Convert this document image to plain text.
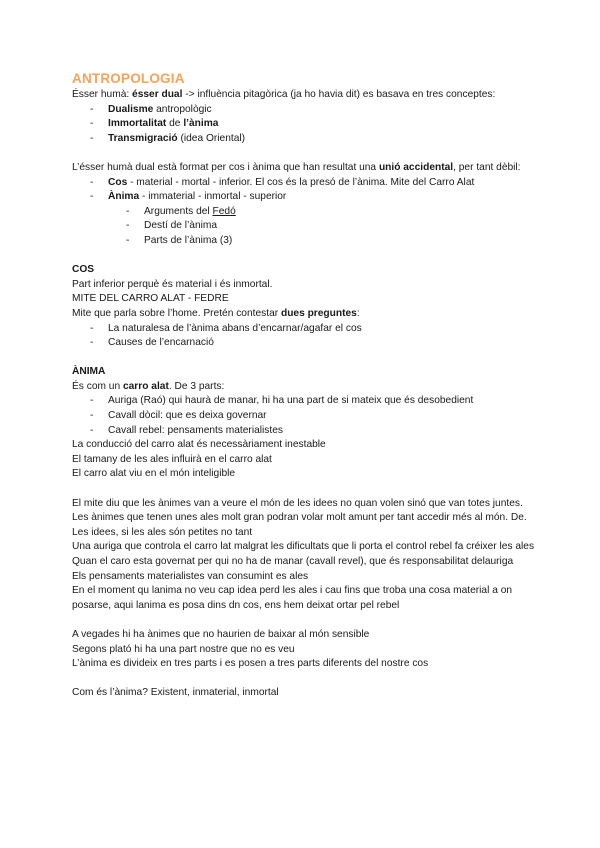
ANTROPOLOGIA

Ésser humà: ésser dual -> influència pitagòrica (ja ho havia dit) es basava en tres conceptes:

- Dualisme antropològic
- Immortalitat de l’ànima
- Transmigració (idea Oriental)

L’ésser humà dual està format per cos i ànima que han resultat una unió accidental, per tant dèbil:

- Cos - material - mortal - inferior. El cos és la presó de l’ànima. Mite del Carro Alat
- Ànima - immaterial - inmortal - superior
- Arguments del Fedó
- Destí de l’ànima
- Parts de l’ànima (3)

COS

Part inferior perquè és material i és inmortal.

MITE DEL CARRO ALAT - FEDRE

Mite que parla sobre l’home. Pretén contestar dues preguntes:

- La naturalesa de l’ànima abans d’encarnar/agafar el cos
- Causes de l’encarnació

ÀNIMA

És com un carro alat. De 3 parts:

- Auriga (Raó) qui haurà de manar, hi ha una part de si mateix que és desobedient
- Cavall dòcil: que es deixa governar
- Cavall rebel: pensaments materialistes

La conducció del carro alat és necessàriament inestable

El tamany de les ales influirà en el carro alat

El carro alat viu en el món inteligible

El mite diu que les ànimes van a veure el món de les idees no quan volen sinó que van totes juntes. Les ànimes que tenen unes ales molt gran podran volar molt amunt per tant accedir més al món. De. Les idees, si les ales són petites no tant

Una auriga que controla el carro lat malgrat les dificultats que li porta el control rebel fa créixer les ales

Quan el caro esta governat per qui no ha de manar (cavall revel), que és responsabilitat delauriga

Els pensaments materialistes van consumint es ales

En el moment qu lanima no veu cap idea perd les ales i cau fins que troba una cosa material a on posarse, aqui lanima es posa dins dn cos, ens hem deixat ortar pel rebel

A vegades hi ha ànimes que no haurien de baixar al món sensible

Segons plató hi ha una part nostre que no es veu

L’ànima es divideix en tres parts i es posen a tres parts diferents del nostre cos

Com és l’ànima? Existent, inmaterial, inmortal
